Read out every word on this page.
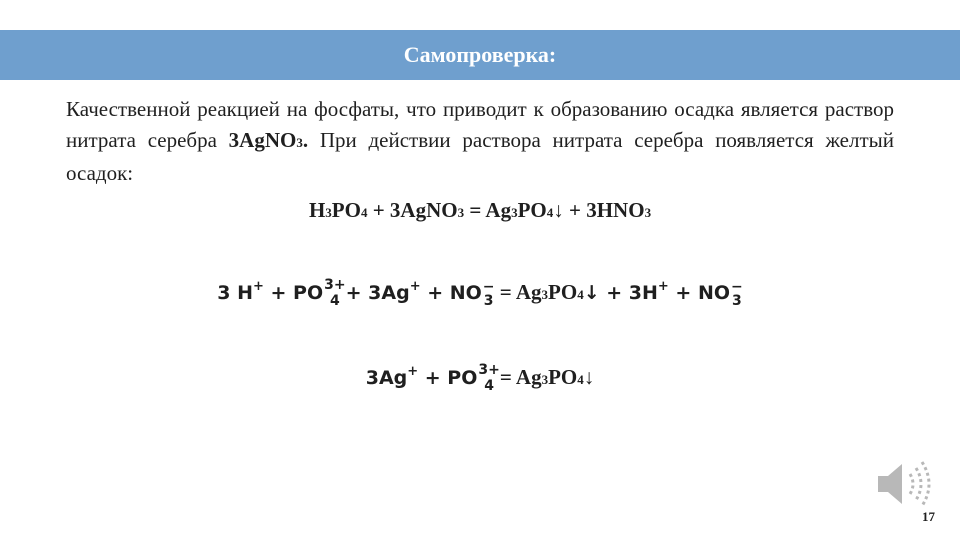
Самопроверка:
Качественной реакцией на фосфаты, что приводит к образованию осадка является раствор нитрата серебра 3AgNO3. При действии раствора нитрата серебра появляется желтый осадок:
H3PO4 + 3AgNO3 = Ag3PO4↓ + 3HNO3
3 H+ + PO 3+
4 + 3Ag+ + NO −
3 = Ag3PO4↓ + 3H+ + NO −
3
3Ag+ + PO 3+
4 = Ag3PO4↓
17
